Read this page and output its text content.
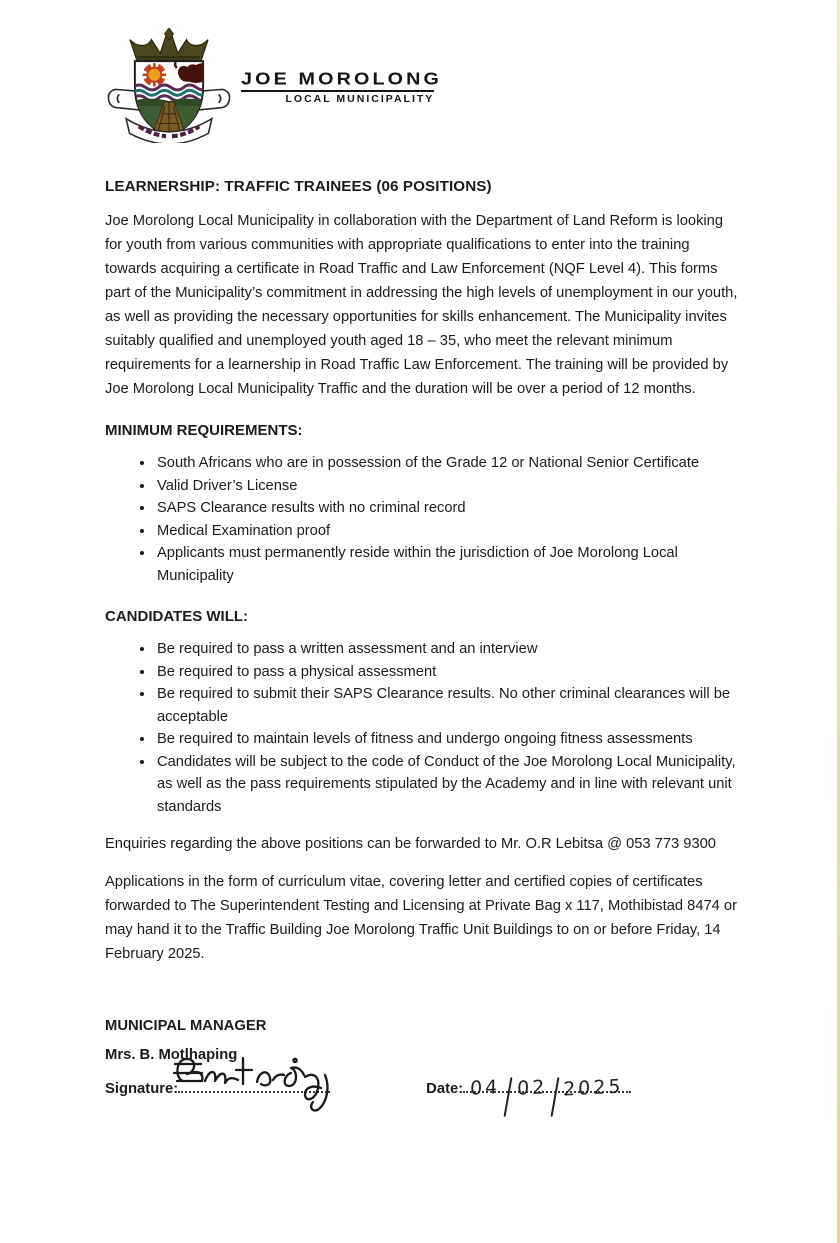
JOE MOROLONG
LOCAL MUNICIPALITY
LEARNERSHIP: TRAFFIC TRAINEES (06 POSITIONS)

Joe Morolong Local Municipality in collaboration with the Department of Land Reform is looking for youth from various communities with appropriate qualifications to enter into the training towards acquiring a certificate in Road Traffic and Law Enforcement (NQF Level 4). This forms part of the Municipality’s commitment in addressing the high levels of unemployment in our youth, as well as providing the necessary opportunities for skills enhancement. The Municipality invites suitably qualified and unemployed youth aged 18 – 35, who meet the relevant minimum requirements for a learnership in Road Traffic Law Enforcement. The training will be provided by Joe Morolong Local Municipality Traffic and the duration will be over a period of 12 months.

MINIMUM REQUIREMENTS:
• South Africans who are in possession of the Grade 12 or National Senior Certificate
• Valid Driver’s License
• SAPS Clearance results with no criminal record
• Medical Examination proof
• Applicants must permanently reside within the jurisdiction of Joe Morolong Local Municipality
CANDIDATES WILL:
• Be required to pass a written assessment and an interview
• Be required to pass a physical assessment
• Be required to submit their SAPS Clearance results. No other criminal clearances will be acceptable
• Be required to maintain levels of fitness and undergo ongoing fitness assessments
• Candidates will be subject to the code of Conduct of the Joe Morolong Local Municipality, as well as the pass requirements stipulated by the Academy and in line with relevant unit standards

Enquiries regarding the above positions can be forwarded to Mr. O.R Lebitsa @ 053 773 9300

Applications in the form of curriculum vitae, covering letter and certified copies of certificates forwarded to The Superintendent Testing and Licensing at Private Bag x 117, Mothibistad 8474 or may hand it to the Traffic Building Joe Morolong Traffic Unit Buildings to on or before Friday, 14 February 2025.

MUNICIPAL MANAGER

Mrs. B. Motlhaping

Signature:	Date: 04 02 2025
